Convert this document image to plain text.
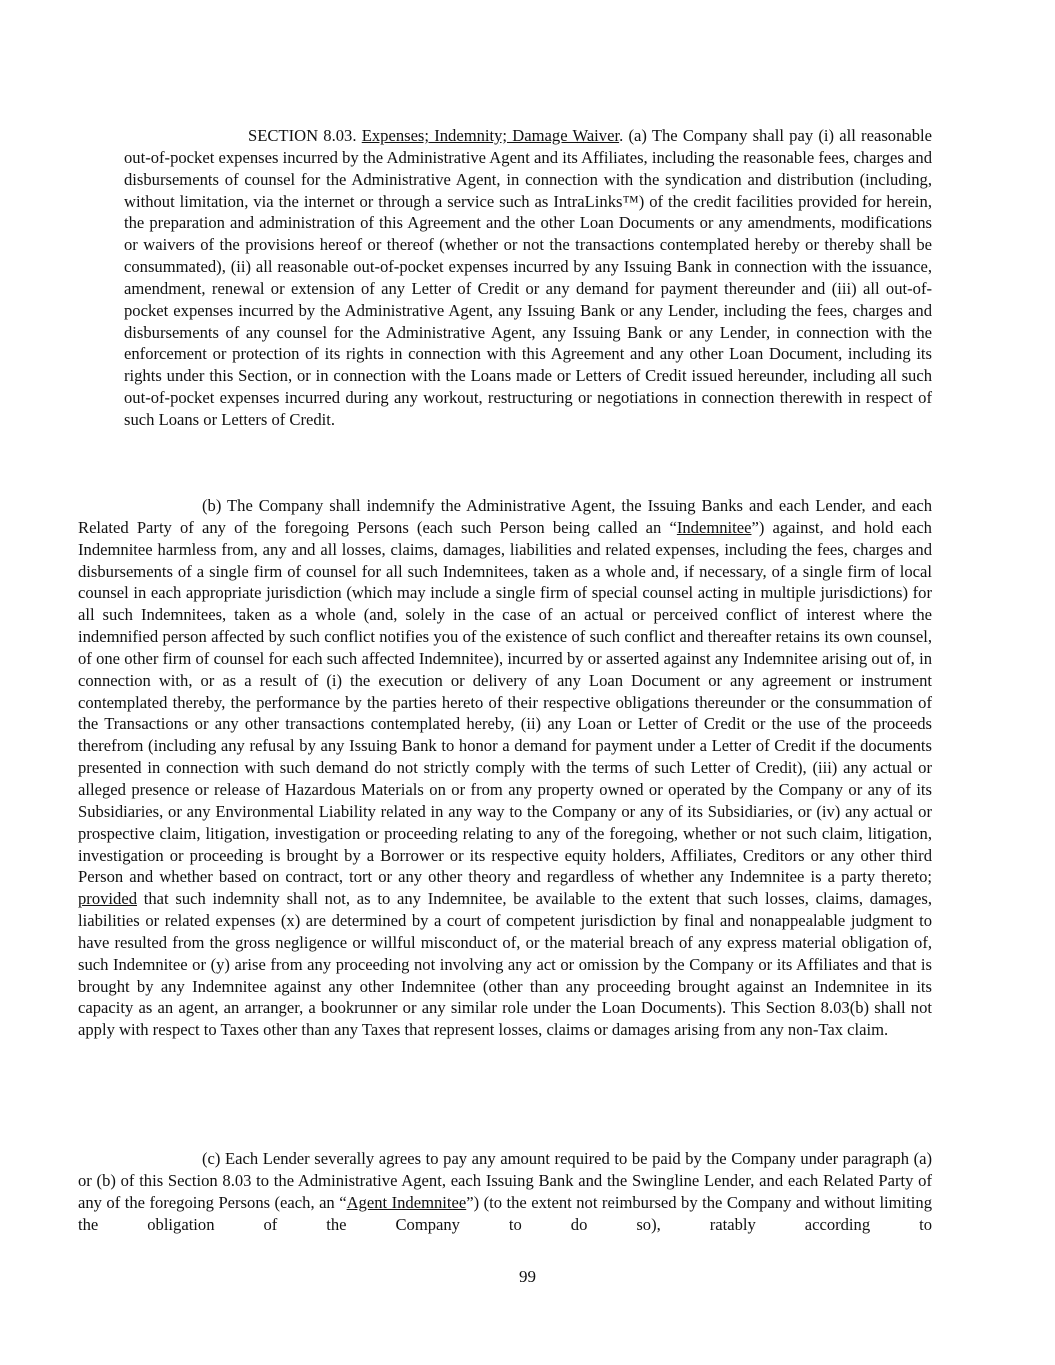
SECTION 8.03. Expenses; Indemnity; Damage Waiver. (a) The Company shall pay (i) all reasonable out-of-pocket expenses incurred by the Administrative Agent and its Affiliates, including the reasonable fees, charges and disbursements of counsel for the Administrative Agent, in connection with the syndication and distribution (including, without limitation, via the internet or through a service such as IntraLinks™) of the credit facilities provided for herein, the preparation and administration of this Agreement and the other Loan Documents or any amendments, modifications or waivers of the provisions hereof or thereof (whether or not the transactions contemplated hereby or thereby shall be consummated), (ii) all reasonable out-of-pocket expenses incurred by any Issuing Bank in connection with the issuance, amendment, renewal or extension of any Letter of Credit or any demand for payment thereunder and (iii) all out-of-pocket expenses incurred by the Administrative Agent, any Issuing Bank or any Lender, including the fees, charges and disbursements of any counsel for the Administrative Agent, any Issuing Bank or any Lender, in connection with the enforcement or protection of its rights in connection with this Agreement and any other Loan Document, including its rights under this Section, or in connection with the Loans made or Letters of Credit issued hereunder, including all such out-of-pocket expenses incurred during any workout, restructuring or negotiations in connection therewith in respect of such Loans or Letters of Credit.

(b) The Company shall indemnify the Administrative Agent, the Issuing Banks and each Lender, and each Related Party of any of the foregoing Persons (each such Person being called an “Indemnitee”) against, and hold each Indemnitee harmless from, any and all losses, claims, damages, liabilities and related expenses, including the fees, charges and disbursements of a single firm of counsel for all such Indemnitees, taken as a whole and, if necessary, of a single firm of local counsel in each appropriate jurisdiction (which may include a single firm of special counsel acting in multiple jurisdictions) for all such Indemnitees, taken as a whole (and, solely in the case of an actual or perceived conflict of interest where the indemnified person affected by such conflict notifies you of the existence of such conflict and thereafter retains its own counsel, of one other firm of counsel for each such affected Indemnitee), incurred by or asserted against any Indemnitee arising out of, in connection with, or as a result of (i) the execution or delivery of any Loan Document or any agreement or instrument contemplated thereby, the performance by the parties hereto of their respective obligations thereunder or the consummation of the Transactions or any other transactions contemplated hereby, (ii) any Loan or Letter of Credit or the use of the proceeds therefrom (including any refusal by any Issuing Bank to honor a demand for payment under a Letter of Credit if the documents presented in connection with such demand do not strictly comply with the terms of such Letter of Credit), (iii) any actual or alleged presence or release of Hazardous Materials on or from any property owned or operated by the Company or any of its Subsidiaries, or any Environmental Liability related in any way to the Company or any of its Subsidiaries, or (iv) any actual or prospective claim, litigation, investigation or proceeding relating to any of the foregoing, whether or not such claim, litigation, investigation or proceeding is brought by a Borrower or its respective equity holders, Affiliates, Creditors or any other third Person and whether based on contract, tort or any other theory and regardless of whether any Indemnitee is a party thereto; provided that such indemnity shall not, as to any Indemnitee, be available to the extent that such losses, claims, damages, liabilities or related expenses (x) are determined by a court of competent jurisdiction by final and nonappealable judgment to have resulted from the gross negligence or willful misconduct of, or the material breach of any express material obligation of, such Indemnitee or (y) arise from any proceeding not involving any act or omission by the Company or its Affiliates and that is brought by any Indemnitee against any other Indemnitee (other than any proceeding brought against an Indemnitee in its capacity as an agent, an arranger, a bookrunner or any similar role under the Loan Documents). This Section 8.03(b) shall not apply with respect to Taxes other than any Taxes that represent losses, claims or damages arising from any non-Tax claim.

(c) Each Lender severally agrees to pay any amount required to be paid by the Company under paragraph (a) or (b) of this Section 8.03 to the Administrative Agent, each Issuing Bank and the Swingline Lender, and each Related Party of any of the foregoing Persons (each, an “Agent Indemnitee”) (to the extent not reimbursed by the Company and without limiting the obligation of the Company to do so), ratably according to

99
